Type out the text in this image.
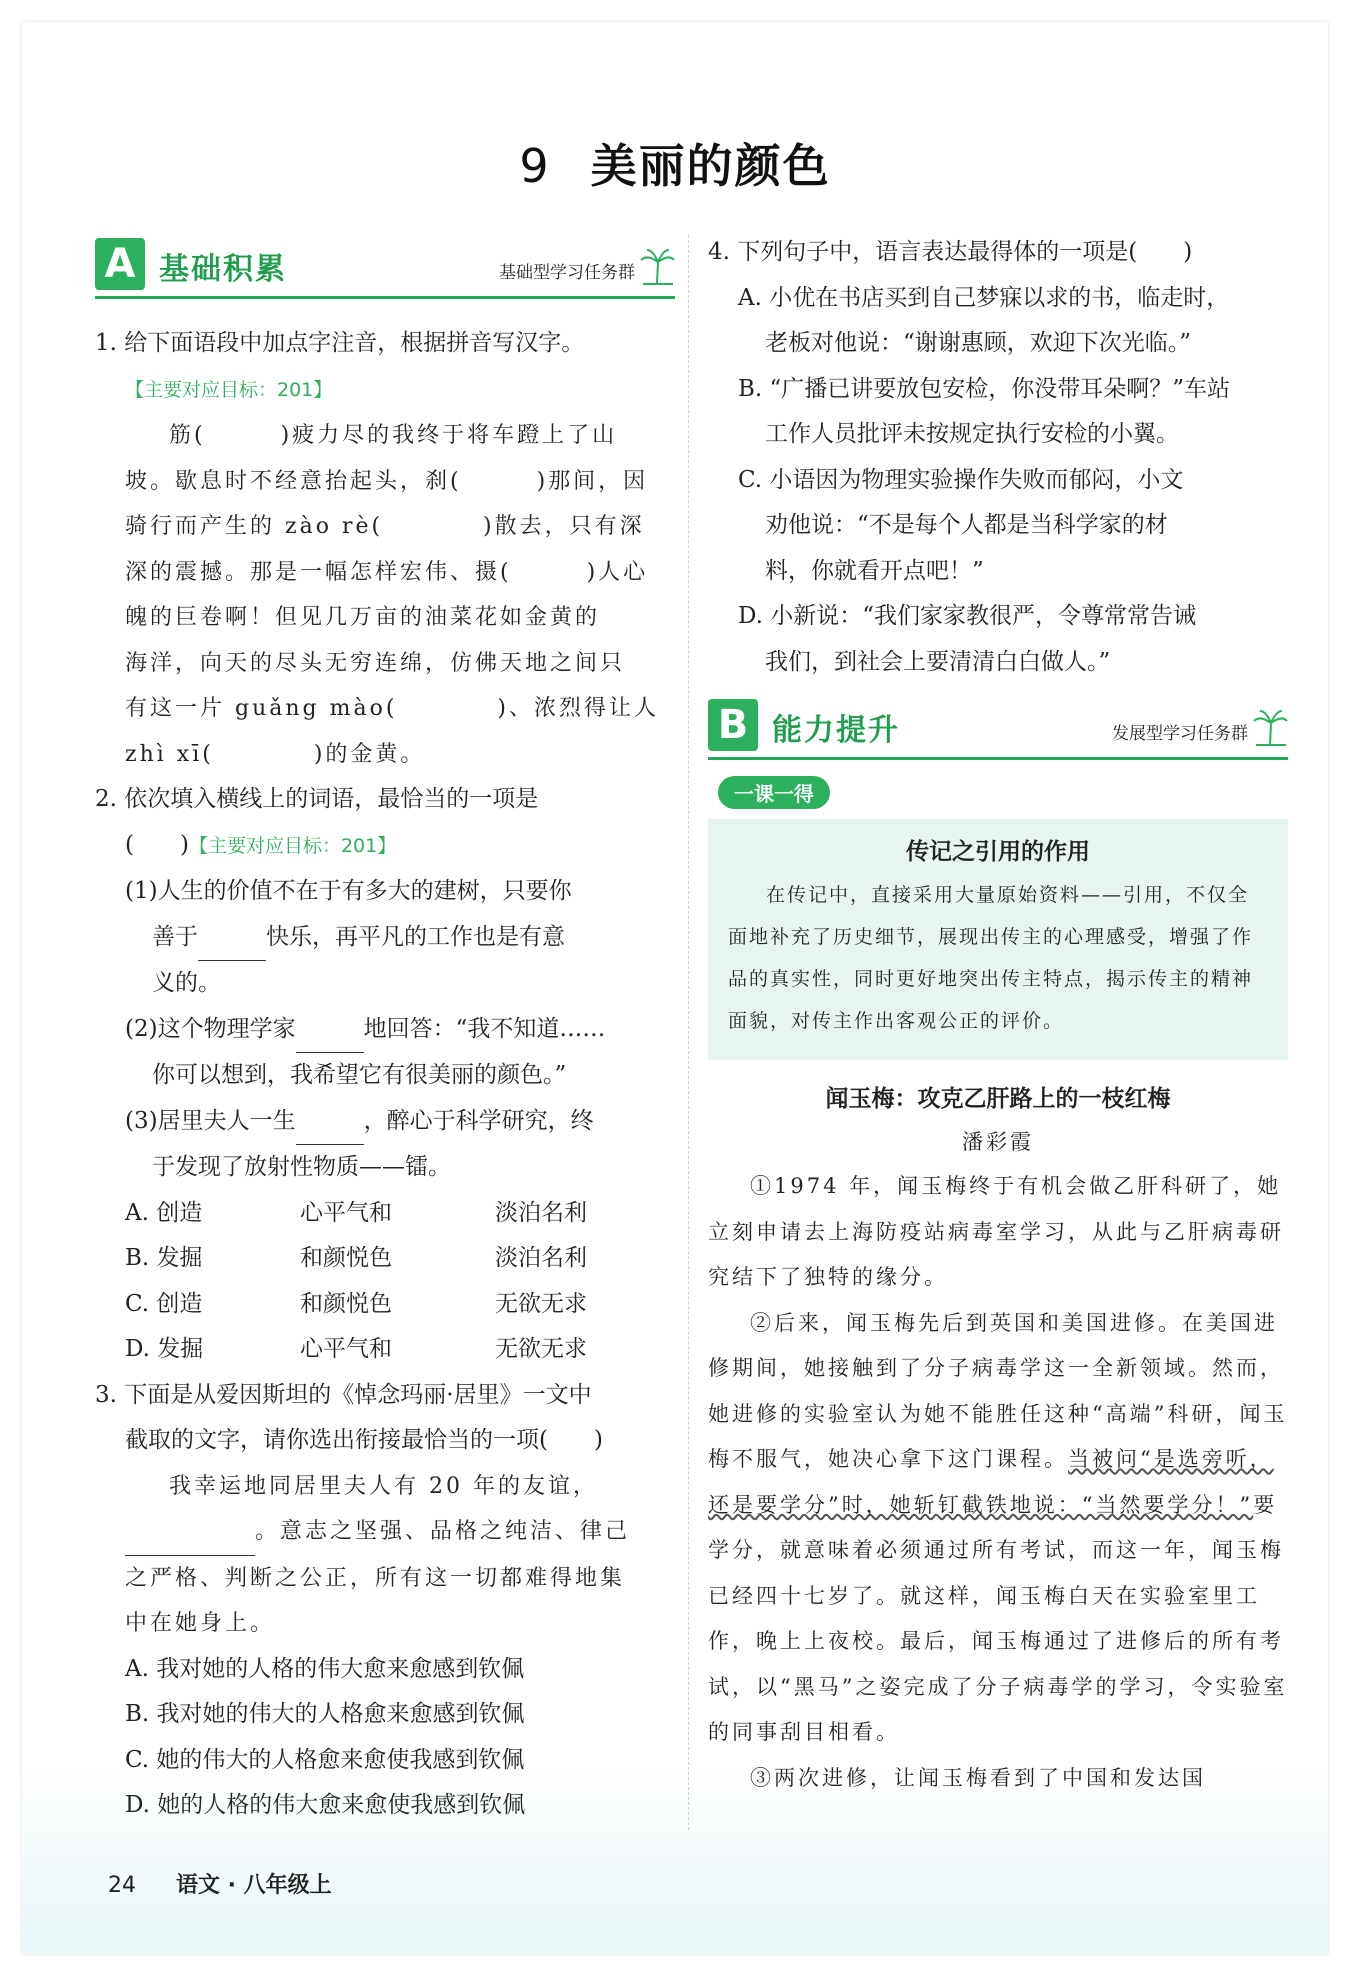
9 美丽的颜色
A 基础积累	基础型学习任务群

1. 给下面语段中加点字注音，根据拼音写汉字。

【主要对应目标：201】

筋(　　　)疲力尽的我终于将车蹬上了山

坡。歇息时不经意抬起头，刹(　　　)那间，因

骑行而产生的 zào rè(　　　　)散去，只有深

深的震撼。那是一幅怎样宏伟、摄(　　　)人心

魄的巨卷啊！但见几万亩的油菜花如金黄的

海洋，向天的尽头无穷连绵，仿佛天地之间只

有这一片 guǎng mào(　　　　)、浓烈得让人

zhì xī(　　　　)的金黄。

2. 依次填入横线上的词语，最恰当的一项是

(　　)【主要对应目标：201】

(1)人生的价值不在于有多大的建树，只要你

善于	快乐，再平凡的工作也是有意

义的。

(2)这个物理学家	地回答：“我不知道……

你可以想到，我希望它有很美丽的颜色。”

(3)居里夫人一生	，醉心于科学研究，终

于发现了放射性物质——镭。

A. 创造	心平气和	淡泊名利
B. 发掘	和颜悦色	淡泊名利
C. 创造	和颜悦色	无欲无求
D. 发掘	心平气和	无欲无求

3. 下面是从爱因斯坦的《悼念玛丽·居里》一文中

截取的文字，请你选出衔接最恰当的一项(　　)

我幸运地同居里夫人有 20 年的友谊，

。意志之坚强、品格之纯洁、律己

之严格、判断之公正，所有这一切都难得地集

中在她身上。

A. 我对她的人格的伟大愈来愈感到钦佩

B. 我对她的伟大的人格愈来愈感到钦佩

C. 她的伟大的人格愈来愈使我感到钦佩

D. 她的人格的伟大愈来愈使我感到钦佩

4. 下列句子中，语言表达最得体的一项是(　　)

A. 小优在书店买到自己梦寐以求的书，临走时，

老板对他说：“谢谢惠顾，欢迎下次光临。”

B. “广播已讲要放包安检，你没带耳朵啊？”车站

工作人员批评未按规定执行安检的小翼。

C. 小语因为物理实验操作失败而郁闷，小文

劝他说：“不是每个人都是当科学家的材

料，你就看开点吧！”

D. 小新说：“我们家家教很严，令尊常常告诫

我们，到社会上要清清白白做人。”

B 能力提升	发展型学习任务群
一课一得

传记之引用的作用

在传记中，直接采用大量原始资料——引用，不仅全面地补充了历史细节，展现出传主的心理感受，增强了作品的真实性，同时更好地突出传主特点，揭示传主的精神面貌，对传主作出客观公正的评价。

闻玉梅：攻克乙肝路上的一枝红梅

潘彩霞

①1974 年，闻玉梅终于有机会做乙肝科研了，她立刻申请去上海防疫站病毒室学习，从此与乙肝病毒研究结下了独特的缘分。

②后来，闻玉梅先后到英国和美国进修。在美国进修期间，她接触到了分子病毒学这一全新领域。然而，她进修的实验室认为她不能胜任这种“高端”科研，闻玉梅不服气，她决心拿下这门课程。当被问“是选旁听，还是要学分”时，她斩钉截铁地说：“当然要学分！”要学分，就意味着必须通过所有考试，而这一年，闻玉梅已经四十七岁了。就这样，闻玉梅白天在实验室里工作，晚上上夜校。最后，闻玉梅通过了进修后的所有考试，以“黑马”之姿完成了分子病毒学的学习，令实验室的同事刮目相看。

③两次进修，让闻玉梅看到了中国和发达国

24 语文 · 八年级上
